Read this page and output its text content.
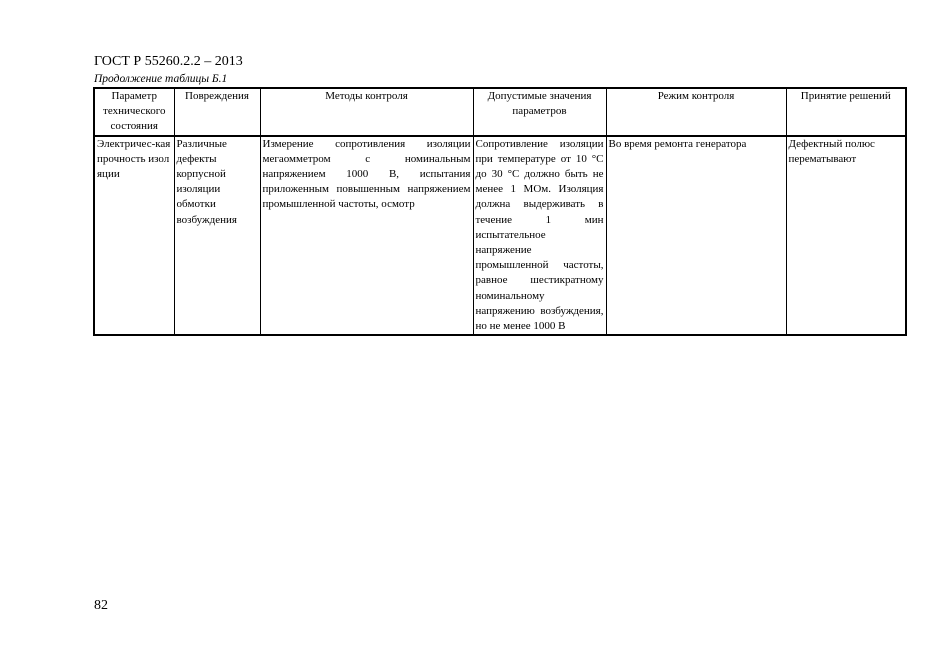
ГОСТ Р 55260.2.2 – 2013
Продолжение таблицы Б.1
Параметр технического состояния	Повреждения	Методы контроля	Допустимые значения параметров	Режим контроля	Принятие решений
Электричес-кая прочность изоляции	Различные дефекты корпусной изоляции обмотки возбуждения	Измерение сопротивления изоляции мегаомметром с номинальным напряжением 1000 В, испытания приложенным повышенным напряжением промышленной частоты, осмотр	Сопротивление изоляции при температуре от 10 °С до 30 °С должно быть не менее 1 МОм. Изоляция должна выдерживать в течение 1 мин испытательное напряжение промышленной частоты, равное шестикратному номинальному напряжению возбуждения, но не менее 1000 В	Во время ремонта генератора	Дефектный полюс перематывают
82
